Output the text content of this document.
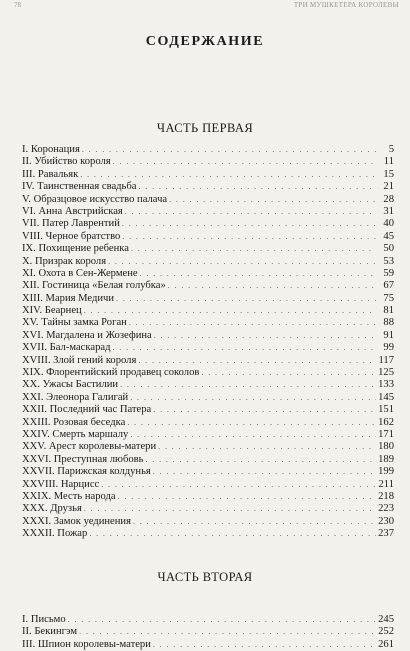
78	ТРИ МУШКЕТЕРА КОРОЛЕВЫ
СОДЕРЖАНИЕ
ЧАСТЬ ПЕРВАЯ
I. Коронация . . .	5
II. Убийство короля . . .	11
III. Равальяк . . .	15
IV. Таинственная свадьба . . .	21
V. Образцовое искусство палача . . .	28
VI. Анна Австрийская . . .	31
VII. Патер Лаврентий . . .	40
VIII. Черное братство . . .	45
IX. Похищение ребенка . . .	50
X. Призрак короля . . .	53
XI. Охота в Сен-Жермене . . .	59
XII. Гостиница «Белая голубка» . . .	67
XIII. Мария Медичи . . .	75
XIV. Беарнец . . .	81
XV. Тайны замка Роган . . .	88
XVI. Магдалена и Жозефина . . .	91
XVII. Бал-маскарад . . .	99
XVIII. Злой гений короля . . .	117
XIX. Флорентийский продавец соколов . . .	125
XX. Ужасы Бастилии . . .	133
XXI. Элеонора Галигай . . .	145
XXII. Последний час Патера . . .	151
XXIII. Розовая беседка . . .	162
XXIV. Смерть маршалу . . .	171
XXV. Арест королевы-матери . . .	180
XXVI. Преступная любовь . . .	189
XXVII. Парижская колдунья . . .	199
XXVIII. Нарцисс . . .	211
XXIX. Месть народа . . .	218
XXX. Друзья . . .	223
XXXI. Замок уединения . . .	230
XXXII. Пожар . . .	237
ЧАСТЬ ВТОРАЯ
I. Письмо . . .	245
II. Бекингэм . . .	252
III. Шпион королевы-матери . . .	261
